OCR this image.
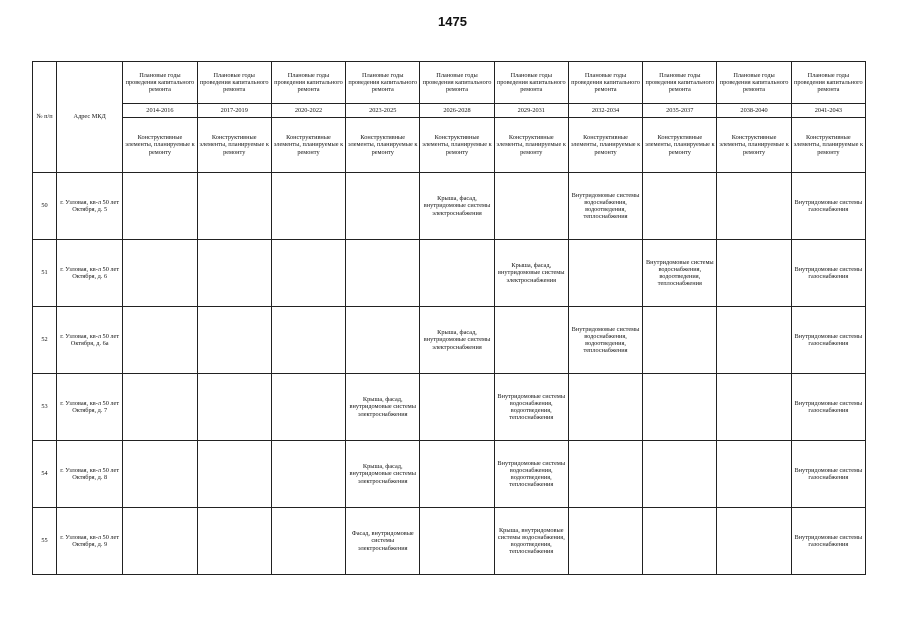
1475
№ п/п	Адрес МКД	Плановые годы проведения капитального ремонта	Плановые годы проведения капитального ремонта	Плановые годы проведения капитального ремонта	Плановые годы проведения капитального ремонта	Плановые годы проведения капитального ремонта	Плановые годы проведения капитального ремонта	Плановые годы проведения капитального ремонта	Плановые годы проведения капитального ремонта	Плановые годы проведения капитального ремонта	Плановые годы проведения капитального ремонта
		2014-2016	2017-2019	2020-2022	2023-2025	2026-2028	2029-2031	2032-2034	2035-2037	2038-2040	2041-2043
		Конструктивные элементы, планируемые к ремонту	Конструктивные элементы, планируемые к ремонту	Конструктивные элементы, планируемые к ремонту	Конструктивные элементы, планируемые к ремонту	Конструктивные элементы, планируемые к ремонту	Конструктивные элементы, планируемые к ремонту	Конструктивные элементы, планируемые к ремонту	Конструктивные элементы, планируемые к ремонту	Конструктивные элементы, планируемые к ремонту	Конструктивные элементы, планируемые к ремонту
50	г. Узловая, кв-л 50 лет Октября, д. 5					Крыша, фасад, внутридомовые системы электроснабжения		Внутридомовые системы водоснабжения, водоотведения, теплоснабжения			Внутридомовые системы газоснабжения
51	г. Узловая, кв-л 50 лет Октября, д. 6						Крыша, фасад, внутридомовые системы электроснабжения		Внутридомовые системы водоснабжения, водоотведения, теплоснабжения		Внутридомовые системы газоснабжения
52	г. Узловая, кв-л 50 лет Октября, д. 6а					Крыша, фасад, внутридомовые системы электроснабжения		Внутридомовые системы водоснабжения, водоотведения, теплоснабжения			Внутридомовые системы газоснабжения
53	г. Узловая, кв-л 50 лет Октября, д. 7				Крыша, фасад, внутридомовые системы электроснабжения		Внутридомовые системы водоснабжения, водоотведения, теплоснабжения				Внутридомовые системы газоснабжения
54	г. Узловая, кв-л 50 лет Октября, д. 8				Крыша, фасад, внутридомовые системы электроснабжения		Внутридомовые системы водоснабжения, водоотведения, теплоснабжения				Внутридомовые системы газоснабжения
55	г. Узловая, кв-л 50 лет Октября, д. 9				Фасад, внутридомовые системы электроснабжения		Крыша, внутридомовые системы водоснабжения, водоотведения, теплоснабжения				Внутридомовые системы газоснабжения
